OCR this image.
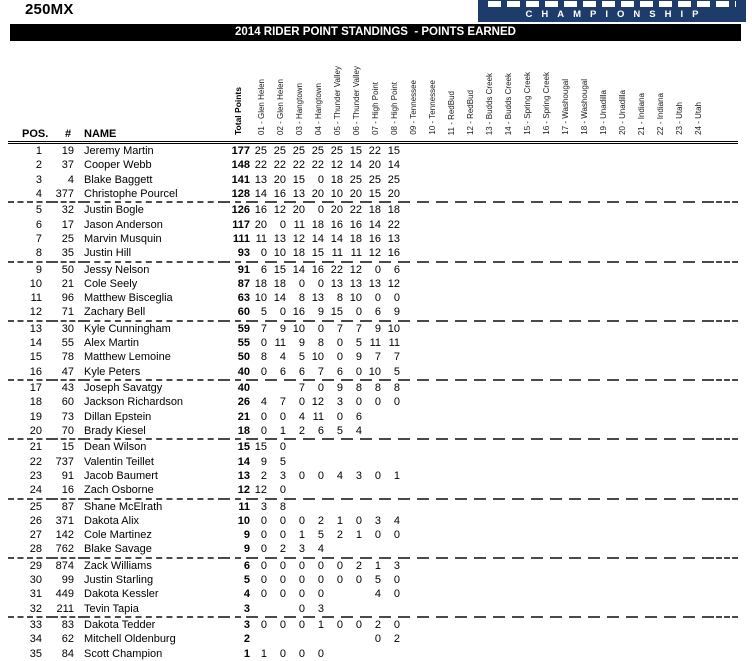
250MX	CHAMPIONSHIP
2014 RIDER POINT STANDINGS  - POINTS EARNED
POS.	#	NAME	Total Points	01 - Glen Helen	02 - Glen Helen	03 - Hangtown	04 - Hangtown	05 - Thunder Valley	06 - Thunder Valley	07 - High Point	08 - High Point	09 - Tennessee	10 - Tennessee	11 - RedBud	12 - RedBud	13 - Budds Creek	14 - Budds Creek	15 - Spring Creek	16 - Spring Creek	17 - Washougal	18 - Washougal	19 - Unadilla	20 - Unadilla	21 - Indiana	22 - Indiana	23 - Utah	24 - Utah	
1	19	Jeremy Martin	177	25	25	25	25	25	15	22	15																	
2	37	Cooper Webb	148	22	22	22	22	12	14	20	14																	
3	4	Blake Baggett	141	13	20	15	0	18	25	25	25																	
4	377	Christophe Pourcel	128	14	16	13	20	10	20	15	20																	
5	32	Justin Bogle	126	16	12	20	0	20	22	18	18																	
6	17	Jason Anderson	117	20	0	11	18	16	16	14	22																	
7	25	Marvin Musquin	111	11	13	12	14	14	18	16	13																	
8	35	Justin Hill	93	0	10	18	15	11	11	12	16																	
9	50	Jessy Nelson	91	6	15	14	16	22	12	0	6																	
10	21	Cole Seely	87	18	18	0	0	13	13	13	12																	
11	96	Matthew Bisceglia	63	10	14	8	13	8	10	0	0																	
12	71	Zachary Bell	60	5	0	16	9	15	0	6	9																	
13	30	Kyle Cunningham	59	7	9	10	0	7	7	9	10																	
14	55	Alex Martin	55	0	11	9	8	0	5	11	11																	
15	78	Matthew Lemoine	50	8	4	5	10	0	9	7	7																	
16	47	Kyle Peters	40	0	6	6	7	6	0	10	5																	
17	43	Joseph Savatgy	40			7	0	9	8	8	8																	
18	60	Jackson Richardson	26	4	7	0	12	3	0	0	0																	
19	73	Dillan Epstein	21	0	0	4	11	0	6																			
20	70	Brady Kiesel	18	0	1	2	6	5	4																			
21	15	Dean Wilson	15	15	0																							
22	737	Valentin Teillet	14	9	5																							
23	91	Jacob Baumert	13	2	3	0	0	4	3	0	1																	
24	16	Zach Osborne	12	12	0																							
25	87	Shane McElrath	11	3	8																							
26	371	Dakota Alix	10	0	0	0	2	1	0	3	4																	
27	142	Cole Martinez	9	0	0	1	5	2	1	0	0																	
28	762	Blake Savage	9	0	2	3	4																					
29	874	Zack Williams	6	0	0	0	0	0	2	1	3																	
30	99	Justin Starling	5	0	0	0	0	0	0	5	0																	
31	449	Dakota Kessler	4	0	0	0	0			4	0																	
32	211	Tevin Tapia	3			0	3																					
33	83	Dakota Tedder	3	0	0	0	1	0	0	2	0																	
34	62	Mitchell Oldenburg	2							0	2																	
35	84	Scott Champion	1	1	0	0	0																					
